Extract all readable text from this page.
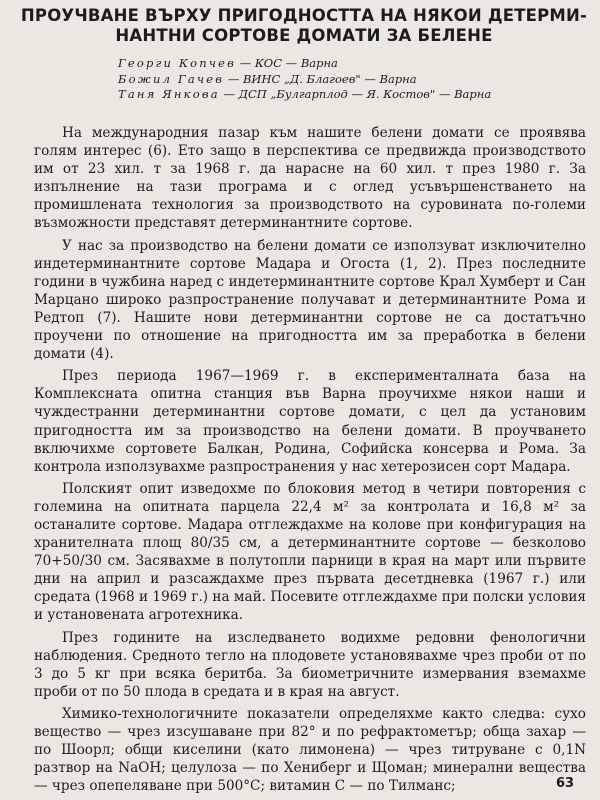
ПРОУЧВАНЕ ВЪРХУ ПРИГОДНОСТТА НА НЯКОИ ДЕТЕРМИ-
НАНТНИ СОРТОВЕ ДОМАТИ ЗА БЕЛЕНЕ
Георги Копчев — КОС — Варна
Божил Гачев — ВИНС „Д. Благоев" — Варна
Таня Янкова — ДСП „Булгарплод — Я. Костов" — Варна

На международния пазар към нашите белени домати се проявява голям интерес (6). Ето защо в перспектива се предвижда производството им от 23 хил. т за 1968 г. да нарасне на 60 хил. т през 1980 г. За изпълнение на тази програма и с оглед усъвършенстването на промишлената технология за производството на суровината по-големи възможности представят детерминантните сортове.

У нас за производство на белени домати се използуват изключително индетерминантните сортове Мадара и Огоста (1, 2). През последните години в чужбина наред с индетерминантните сортове Крал Хумберт и Сан Марцано широко разпространение получават и детерминантните Рома и Редтоп (7). Нашите нови детерминантни сортове не са достатъчно проучени по отношение на пригодността им за преработка в белени домати (4).

През периода 1967—1969 г. в експерименталната база на Комплексната опитна станция във Варна проучихме някои наши и чуждестранни детерминантни сортове домати, с цел да установим пригодността им за производство на белени домати. В проучването включихме сортовете Балкан, Родина, Софийска консерва и Рома. За контрола използувахме разпространения у нас хетерозисен сорт Мадара.

Полският опит изведохме по блоковия метод в четири повторения с големина на опитната парцела 22,4 м² за контролата и 16,8 м² за останалите сортове. Мадара отглеждахме на колове при конфигурация на хранителната площ 80/35 см, а детерминантните сортове — безколово 70+50/30 см. Засявахме в полутопли парници в края на март или първите дни на април и разсаждахме през първата десетдневка (1967 г.) или средата (1968 и 1969 г.) на май. Посевите отглеждахме при полски условия и установената агротехника.

През годините на изследването водихме редовни фенологични наблюдения. Средното тегло на плодовете установявахме чрез проби от по 3 до 5 кг при всяка беритба. За биометричните измервания вземахме проби от по 50 плода в средата и в края на август.

Химико-технологичните показатели определяхме както следва: сухо вещество — чрез изсушаване при 82° и по рефрактометър; обща захар — по Шоорл; общи киселини (като лимонена) — чрез титруване с 0,1N разтвор на NaOH; целулоза — по Хениберг и Щоман; минерални вещества — чрез опепеляване при 500°C; витамин C — по Тилманс;	63
